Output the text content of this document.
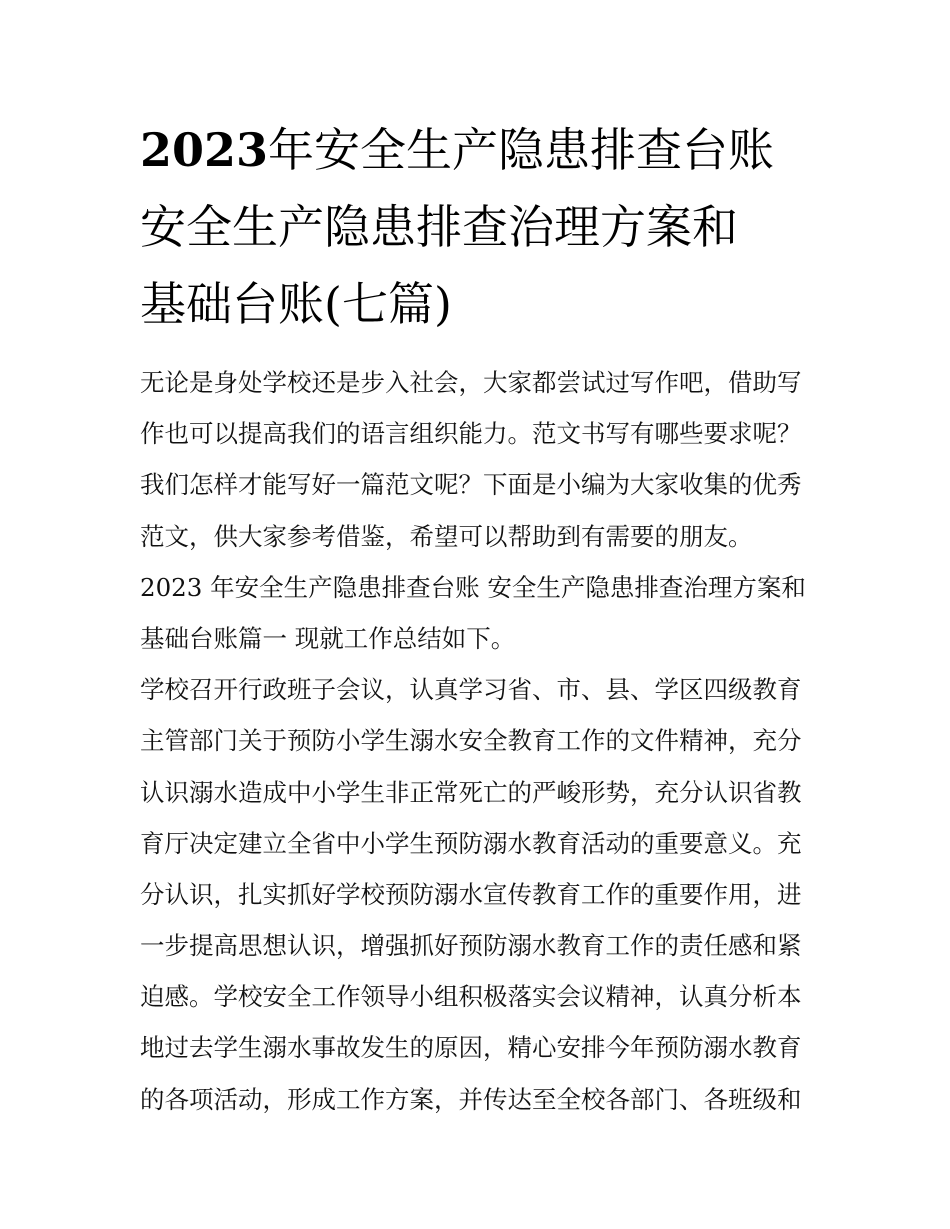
2023年安全生产隐患排查台账
安全生产隐患排查治理方案和
基础台账(七篇)
无论是身处学校还是步入社会，大家都尝试过写作吧，借助写
作也可以提高我们的语言组织能力。范文书写有哪些要求呢？
我们怎样才能写好一篇范文呢？下面是小编为大家收集的优秀
范文，供大家参考借鉴，希望可以帮助到有需要的朋友。
2023 年安全生产隐患排查台账 安全生产隐患排查治理方案和
基础台账篇一 现就工作总结如下。
学校召开行政班子会议，认真学习省、市、县、学区四级教育
主管部门关于预防小学生溺水安全教育工作的文件精神，充分
认识溺水造成中小学生非正常死亡的严峻形势，充分认识省教
育厅决定建立全省中小学生预防溺水教育活动的重要意义。充
分认识，扎实抓好学校预防溺水宣传教育工作的重要作用，进
一步提高思想认识，增强抓好预防溺水教育工作的责任感和紧
迫感。学校安全工作领导小组积极落实会议精神，认真分析本
地过去学生溺水事故发生的原因，精心安排今年预防溺水教育
的各项活动，形成工作方案，并传达至全校各部门、各班级和
